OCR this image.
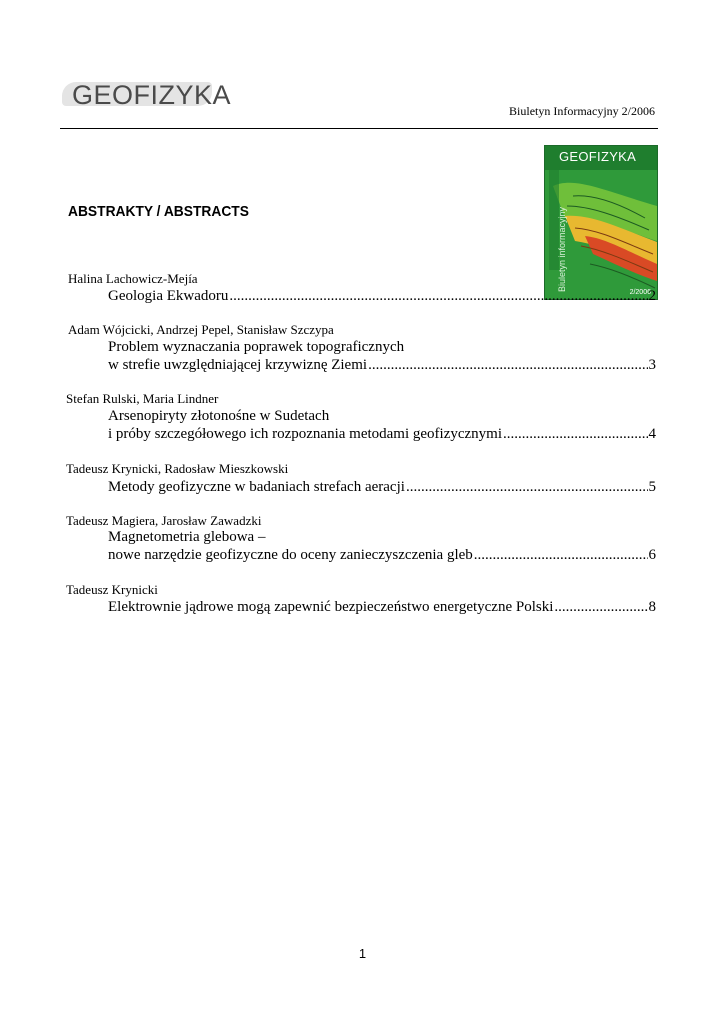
GEOFIZYKA
Biuletyn Informacyjny 2/2006
GEOFIZYKA
Biuletyn informacyjny
2/2006
ABSTRAKTY / ABSTRACTS
Halina Lachowicz-Mejía
Geologia Ekwadoru .....	2
Adam Wójcicki, Andrzej Pepel, Stanisław Szczypa
Problem wyznaczania poprawek topograficznych
w strefie uwzględniającej krzywiznę Ziemi .....	3
Stefan Rulski, Maria Lindner
Arsenopiryty złotonośne w Sudetach
i próby szczegółowego ich rozpoznania metodami geofizycznymi .....	4
Tadeusz Krynicki, Radosław Mieszkowski
Metody geofizyczne w badaniach strefach aeracji .....	5
Tadeusz Magiera, Jarosław Zawadzki
Magnetometria glebowa –
nowe narzędzie geofizyczne do oceny zanieczyszczenia gleb .....	6
Tadeusz Krynicki
Elektrownie jądrowe mogą zapewnić bezpieczeństwo energetyczne Polski .....	8
1
